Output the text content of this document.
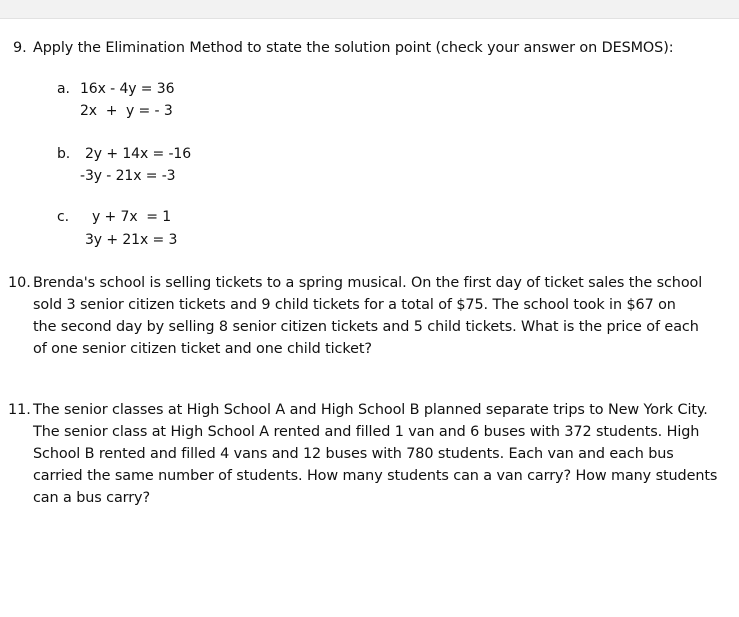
9. Apply the Elimination Method to state the solution point (check your answer on DESMOS):
a. 16x - 4y = 36
2x  +  y = - 3
b. 2y + 14x = -16
-3y - 21x = -3
c. y + 7x  = 1
3y + 21x = 3
10. Brenda's school is selling tickets to a spring musical. On the first day of ticket sales the school
sold 3 senior citizen tickets and 9 child tickets for a total of $75. The school took in $67 on
the second day by selling 8 senior citizen tickets and 5 child tickets. What is the price of each
of one senior citizen ticket and one child ticket?
11. The senior classes at High School A and High School B planned separate trips to New York City.
The senior class at High School A rented and filled 1 van and 6 buses with 372 students. High
School B rented and filled 4 vans and 12 buses with 780 students. Each van and each bus
carried the same number of students. How many students can a van carry? How many students
can a bus carry?
